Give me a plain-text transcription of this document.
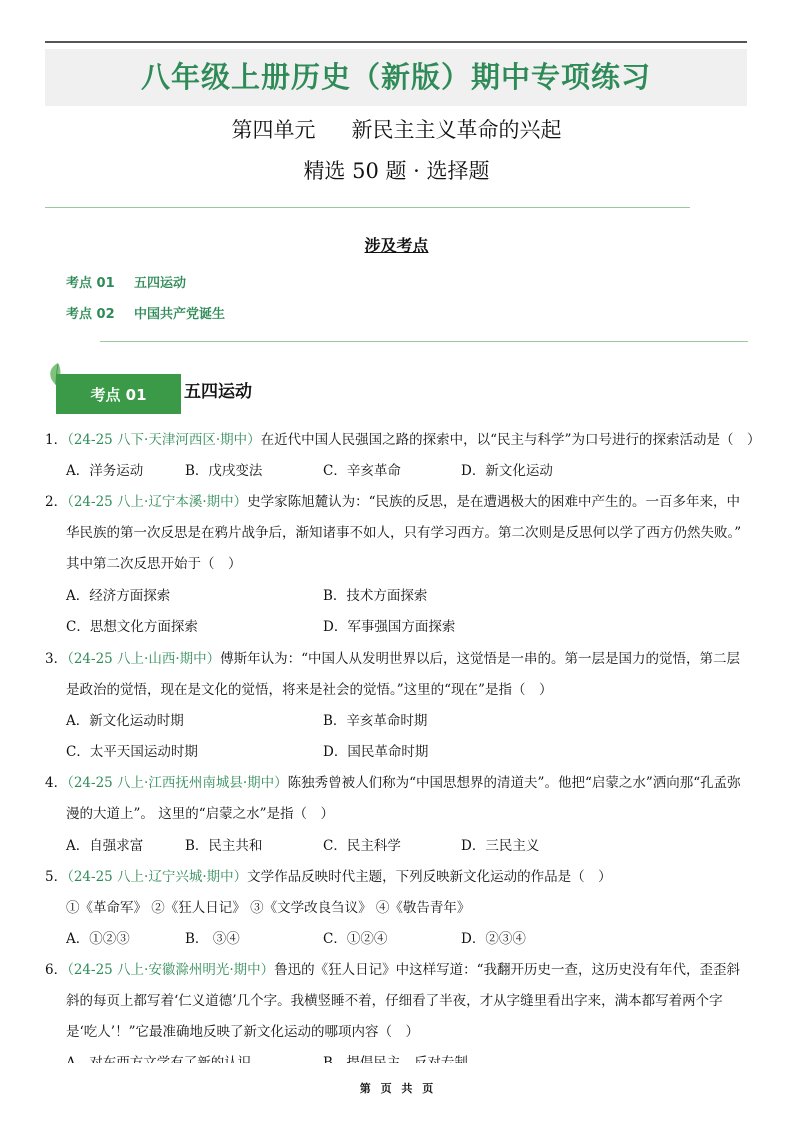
八年级上册历史（新版）期中专项练习
第四单元 新民主主义革命的兴起
精选 50 题 · 选择题
涉及考点
考点 01 五四运动
考点 02 中国共产党诞生
考点 01	五四运动
1．（24-25 八下·天津河西区·期中）在近代中国人民强国之路的探索中，以“民主与科学”为口号进行的探索活动是（　）
A．洋务运动	B．戊戌变法	C．辛亥革命	D．新文化运动
2．（24-25 八上·辽宁本溪·期中）史学家陈旭麓认为：“民族的反思，是在遭遇极大的困难中产生的。一百多年来，中
华民族的第一次反思是在鸦片战争后，渐知诸事不如人，只有学习西方。第二次则是反思何以学了西方仍然失败。”
其中第二次反思开始于（　）
A．经济方面探索	B．技术方面探索
C．思想文化方面探索	D．军事强国方面探索
3．（24-25 八上·山西·期中）傅斯年认为：“中国人从发明世界以后，这觉悟是一串的。第一层是国力的觉悟，第二层
是政治的觉悟，现在是文化的觉悟，将来是社会的觉悟。”这里的“现在”是指（　）
A．新文化运动时期	B．辛亥革命时期
C．太平天国运动时期	D．国民革命时期
4．（24-25 八上·江西抚州南城县·期中）陈独秀曾被人们称为“中国思想界的清道夫”。他把“启蒙之水”洒向那“孔孟弥
漫的大道上”。 这里的“启蒙之水”是指（　）
A．自强求富	B．民主共和	C．民主科学	D．三民主义
5．（24-25 八上·辽宁兴城·期中）文学作品反映时代主题，下列反映新文化运动的作品是（　）
①《革命军》 ②《狂人日记》 ③《文学改良刍议》 ④《敬告青年》
A．①②③	B． ③④	C．①②④	D．②③④
6．（24-25 八上·安徽滁州明光·期中）鲁迅的《狂人日记》中这样写道：“我翻开历史一查，这历史没有年代，歪歪斜
斜的每页上都写着‘仁义道德’几个字。我横竖睡不着，仔细看了半夜，才从字缝里看出字来，满本都写着两个字
是‘吃人’！”它最准确地反映了新文化运动的哪项内容（　）
第 页 共 页
